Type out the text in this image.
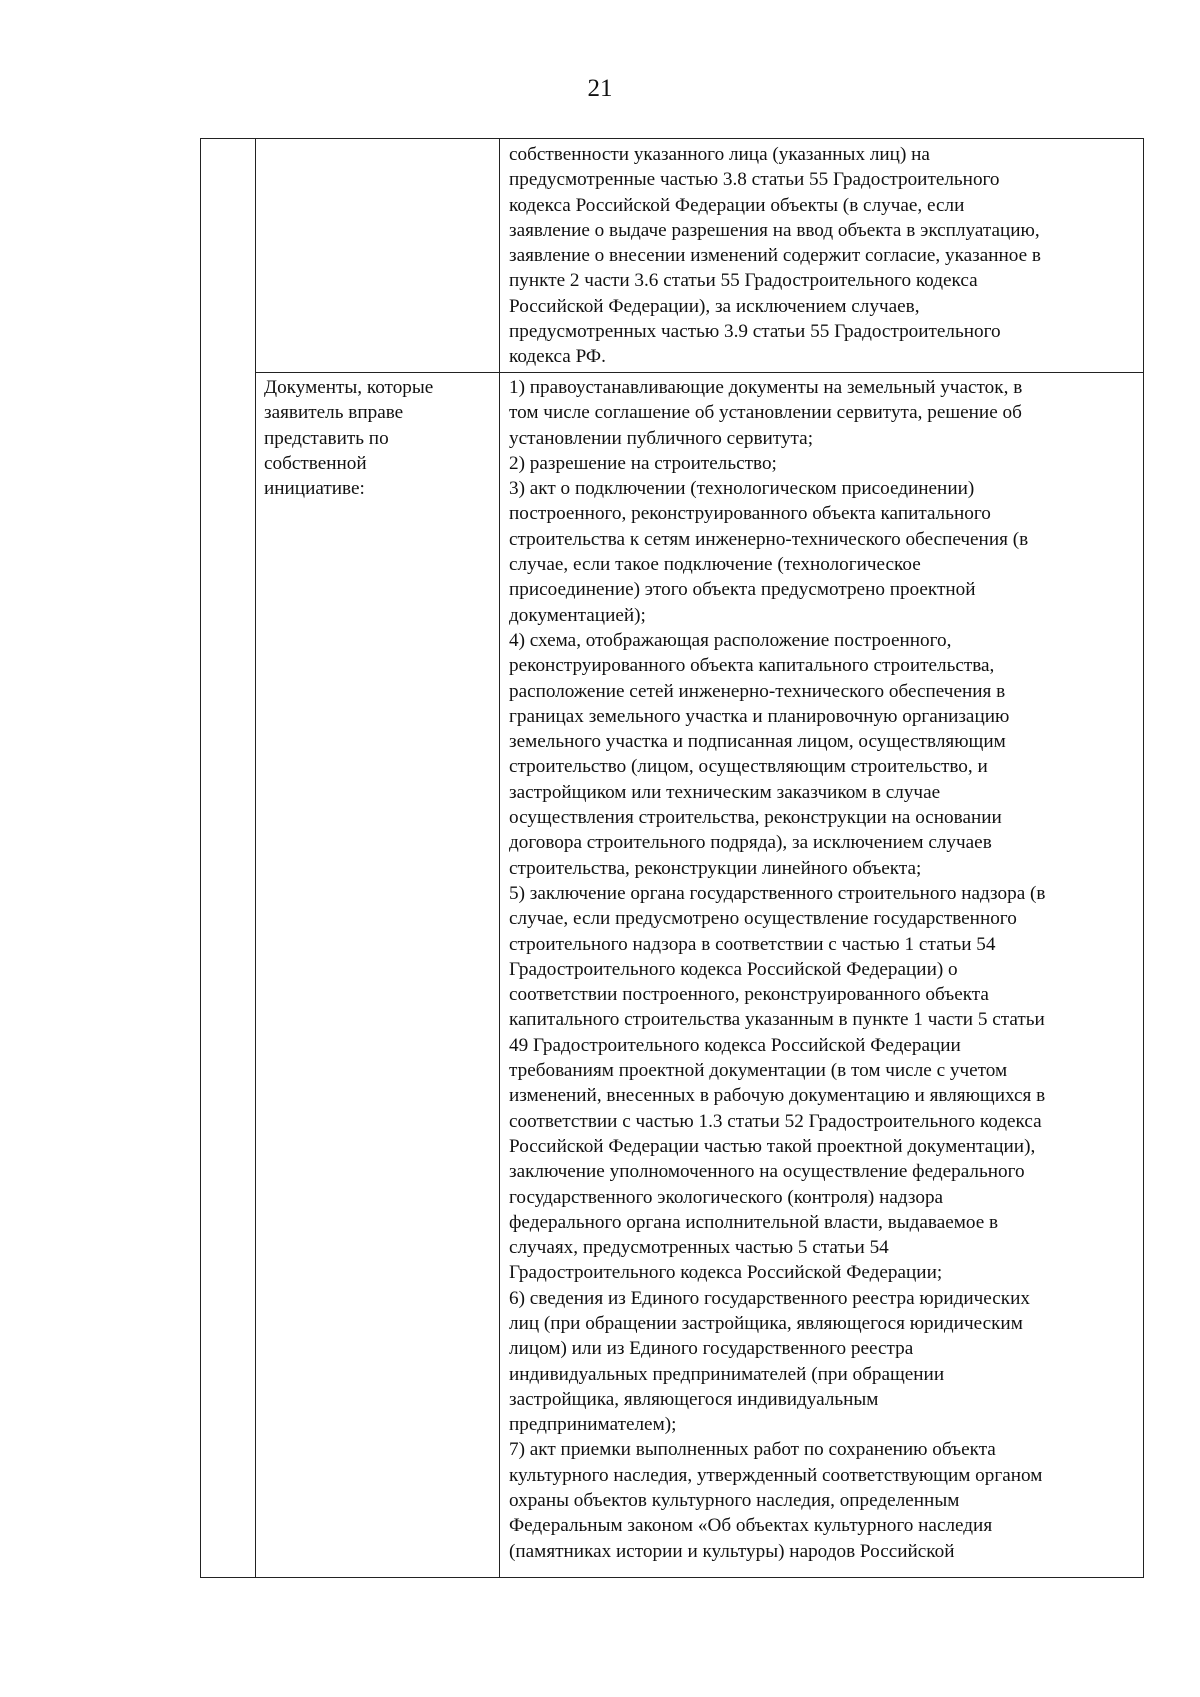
21
собственности указанного лица (указанных лиц) на
предусмотренные частью 3.8 статьи 55 Градостроительного
кодекса Российской Федерации объекты (в случае, если
заявление о выдаче разрешения на ввод объекта в эксплуатацию,
заявление о внесении изменений содержит согласие, указанное в
пункте 2 части 3.6 статьи 55 Градостроительного кодекса
Российской Федерации), за исключением случаев,
предусмотренных частью 3.9 статьи 55 Градостроительного
кодекса РФ.
Документы, которые
заявитель вправе
представить по
собственной
инициативе:
1) правоустанавливающие документы на земельный участок, в
том числе соглашение об установлении сервитута, решение об
установлении публичного сервитута;
2) разрешение на строительство;
3) акт о подключении (технологическом присоединении)
построенного, реконструированного объекта капитального
строительства к сетям инженерно-технического обеспечения (в
случае, если такое подключение (технологическое
присоединение) этого объекта предусмотрено проектной
документацией);
4) схема, отображающая расположение построенного,
реконструированного объекта капитального строительства,
расположение сетей инженерно-технического обеспечения в
границах земельного участка и планировочную организацию
земельного участка и подписанная лицом, осуществляющим
строительство (лицом, осуществляющим строительство, и
застройщиком или техническим заказчиком в случае
осуществления строительства, реконструкции на основании
договора строительного подряда), за исключением случаев
строительства, реконструкции линейного объекта;
5) заключение органа государственного строительного надзора (в
случае, если предусмотрено осуществление государственного
строительного надзора в соответствии с частью 1 статьи 54
Градостроительного кодекса Российской Федерации) о
соответствии построенного, реконструированного объекта
капитального строительства указанным в пункте 1 части 5 статьи
49 Градостроительного кодекса Российской Федерации
требованиям проектной документации (в том числе с учетом
изменений, внесенных в рабочую документацию и являющихся в
соответствии с частью 1.3 статьи 52 Градостроительного кодекса
Российской Федерации частью такой проектной документации),
заключение уполномоченного на осуществление федерального
государственного экологического (контроля) надзора
федерального органа исполнительной власти, выдаваемое в
случаях, предусмотренных частью 5 статьи 54
Градостроительного кодекса Российской Федерации;
6) сведения из Единого государственного реестра юридических
лиц (при обращении застройщика, являющегося юридическим
лицом) или из Единого государственного реестра
индивидуальных предпринимателей (при обращении
застройщика, являющегося индивидуальным
предпринимателем);
7) акт приемки выполненных работ по сохранению объекта
культурного наследия, утвержденный соответствующим органом
охраны объектов культурного наследия, определенным
Федеральным законом «Об объектах культурного наследия
(памятниках истории и культуры) народов Российской
